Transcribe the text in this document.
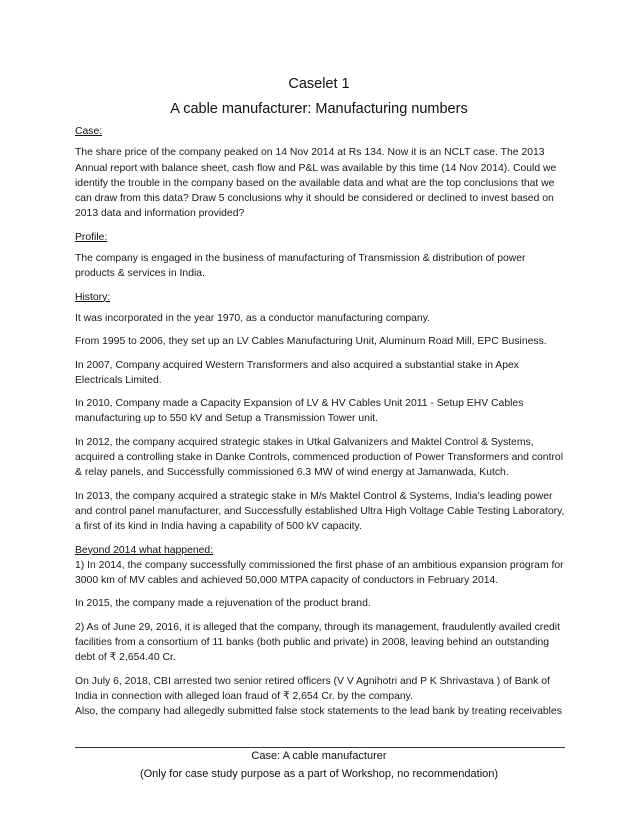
Caselet 1
A cable manufacturer: Manufacturing numbers

Case:

The share price of the company peaked on 14 Nov 2014 at Rs 134. Now it is an NCLT case. The 2013 Annual report with balance sheet, cash flow and P&L was available by this time (14 Nov 2014). Could we identify the trouble in the company based on the available data and what are the top conclusions that we can draw from this data? Draw 5 conclusions why it should be considered or declined to invest based on 2013 data and information provided?

Profile:

The company is engaged in the business of manufacturing of Transmission & distribution of power products & services in India.

History:

It was incorporated in the year 1970, as a conductor manufacturing company.

From 1995 to 2006, they set up an LV Cables Manufacturing Unit, Aluminum Road Mill, EPC Business.

In 2007, Company acquired Western Transformers and also acquired a substantial stake in Apex Electricals Limited.

In 2010, Company made a Capacity Expansion of LV & HV Cables Unit 2011 - Setup EHV Cables manufacturing up to 550 kV and Setup a Transmission Tower unit.

In 2012, the company acquired strategic stakes in Utkal Galvanizers and Maktel Control & Systems, acquired a controlling stake in Danke Controls, commenced production of Power Transformers and control & relay panels, and Successfully commissioned 6.3 MW of wind energy at Jamanwada, Kutch.

In 2013, the company acquired a strategic stake in M/s Maktel Control & Systems, India’s leading power and control panel manufacturer, and Successfully established Ultra High Voltage Cable Testing Laboratory, a first of its kind in India having a capability of 500 kV capacity.

Beyond 2014 what happened:

1) In 2014, the company successfully commissioned the first phase of an ambitious expansion program for 3000 km of MV cables and achieved 50,000 MTPA capacity of conductors in February 2014.

In 2015, the company made a rejuvenation of the product brand.

2) As of June 29, 2016, it is alleged that the company, through its management, fraudulently availed credit facilities from a consortium of 11 banks (both public and private) in 2008, leaving behind an outstanding debt of ₹ 2,654.40 Cr.

On July 6, 2018, CBI arrested two senior retired officers (V V Agnihotri and P K Shrivastava ) of Bank of India in connection with alleged loan fraud of ₹ 2,654 Cr. by the company.

Also, the company had allegedly submitted false stock statements to the lead bank by treating receivables

Case: A cable manufacturer
(Only for case study purpose as a part of Workshop, no recommendation)
